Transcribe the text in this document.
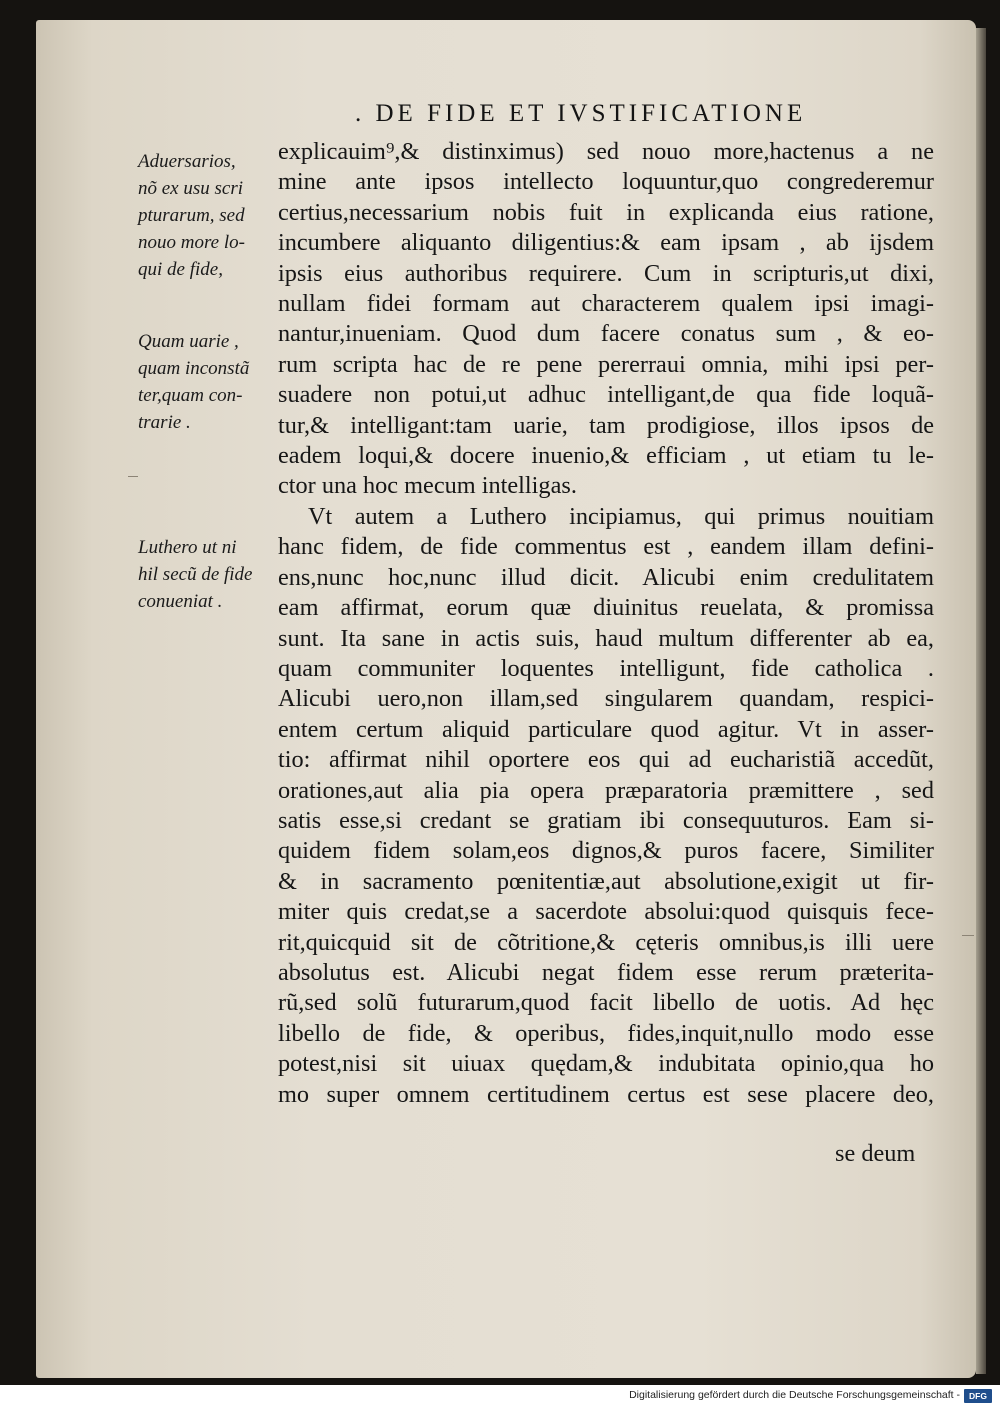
. DE FIDE ET IVSTIFICATIONE
Aduersarios,
nõ ex usu scri
pturarum, sed
nouo more lo-
qui de fide,
Quam uarie ,
quam inconstã
ter,quam con-
trarie .
Luthero ut ni
hil secũ de fide
conueniat .
explicauim⁹,& distinximus) sed nouo more,hactenus a ne
mine ante ipsos intellecto loquuntur,quo congrederemur
certius,necessarium nobis fuit in explicanda eius ratione,
incumbere aliquanto diligentius:& eam ipsam , ab ijsdem
ipsis eius authoribus requirere. Cum in scripturis,ut dixi,
nullam fidei formam aut characterem qualem ipsi imagi-
nantur,inueniam. Quod dum facere conatus sum , & eo-
rum scripta hac de re pene pererraui omnia, mihi ipsi per-
suadere non potui,ut adhuc intelligant,de qua fide loquã-
tur,& intelligant:tam uarie, tam prodigiose, illos ipsos de
eadem loqui,& docere inuenio,& efficiam , ut etiam tu le-
ctor una hoc mecum intelligas.
Vt autem a Luthero incipiamus, qui primus nouitiam
hanc fidem, de fide commentus est , eandem illam defini-
ens,nunc hoc,nunc illud dicit. Alicubi enim credulitatem
eam affirmat, eorum quæ diuinitus reuelata, & promissa
sunt. Ita sane in actis suis, haud multum differenter ab ea,
quam communiter loquentes intelligunt, fide catholica .
Alicubi uero,non illam,sed singularem quandam, respici-
entem certum aliquid particulare quod agitur. Vt in asser-
tio: affirmat nihil oportere eos qui ad eucharistiã accedũt,
orationes,aut alia pia opera præparatoria præmittere , sed
satis esse,si credant se gratiam ibi consequuturos. Eam si-
quidem fidem solam,eos dignos,& puros facere, Similiter
& in sacramento pœnitentiæ,aut absolutione,exigit ut fir-
miter quis credat,se a sacerdote absolui:quod quisquis fece-
rit,quicquid sit de cõtritione,& cęteris omnibus,is illi uere
absolutus est. Alicubi negat fidem esse rerum præterita-
rũ,sed solũ futurarum,quod facit libello de uotis. Ad hęc
libello de fide, & operibus, fides,inquit,nullo modo esse
potest,nisi sit uiuax quędam,& indubitata opinio,qua ho
mo super omnem certitudinem certus est sese placere deo,
se deum
Digitalisierung gefördert durch die Deutsche Forschungsgemeinschaft -	DFG
